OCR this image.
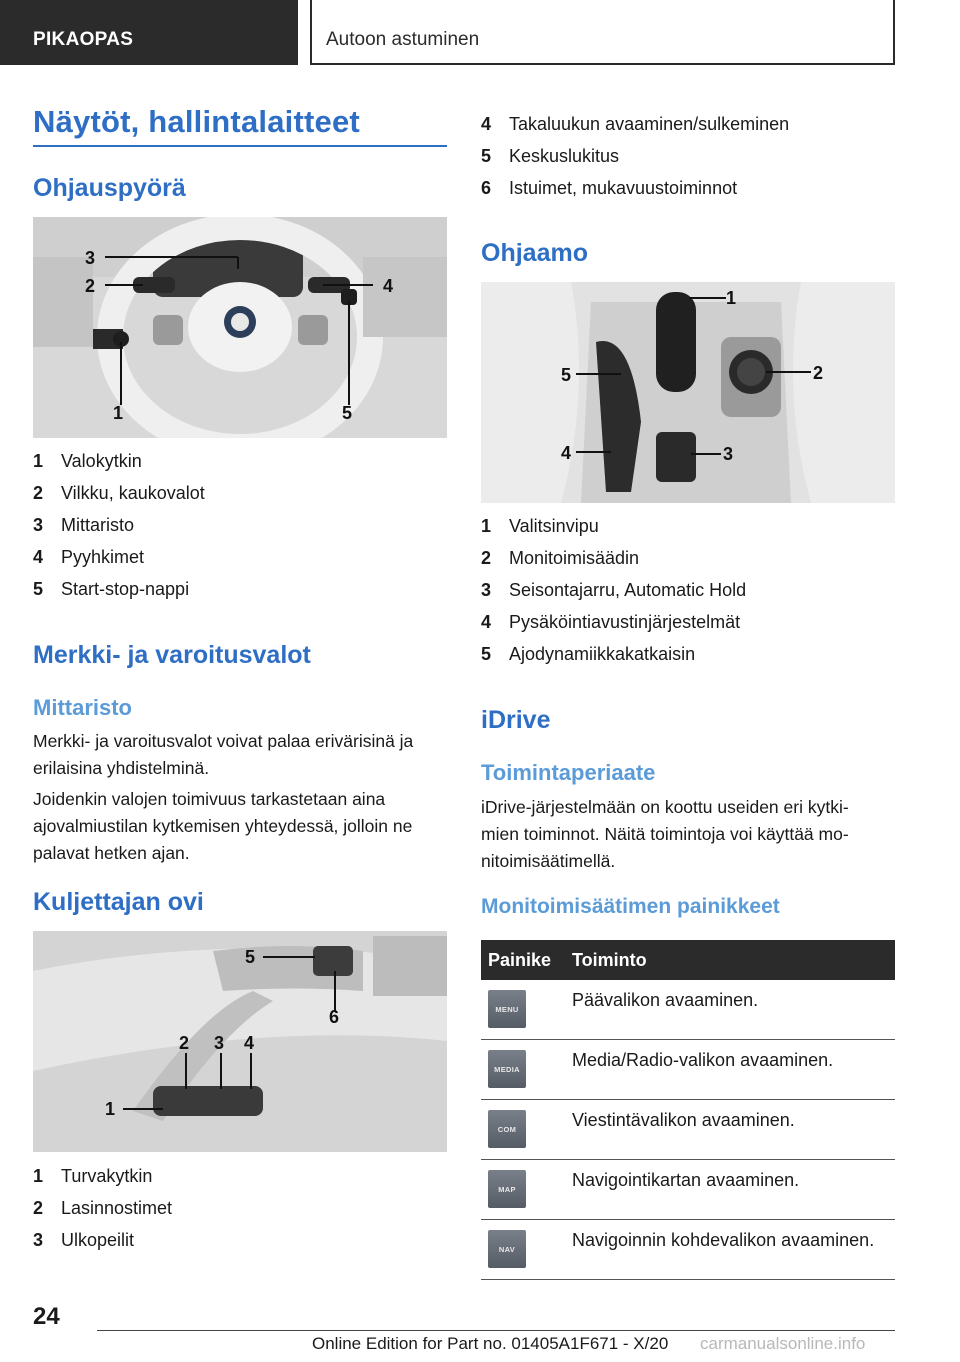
PIKAOPAS	Autoon astuminen
Näytöt, hallintalaitteet
Ohjauspyörä
3
2	4
1	5
1 Valokytkin
2 Vilkku, kaukovalot
3 Mittaristo
4 Pyyhkimet
5 Start-stop-nappi
Merkki- ja varoitusvalot
Mittaristo
Merkki- ja varoitusvalot voivat palaa erivärisinä ja erilaisina yhdistelminä.
Joidenkin valojen toimivuus tarkastetaan aina ajovalmiustilan kytkemisen yhteydessä, jolloin ne palavat hetken ajan.
Kuljettajan ovi
5
6
2 3 4
1
1 Turvakytkin
2 Lasinnostimet
3 Ulkopeilit
4 Takaluukun avaaminen/sulkeminen
5 Keskuslukitus
6 Istuimet, mukavuustoiminnot
Ohjaamo
1
2
3
5
4
1 Valitsinvipu
2 Monitoimisäädin
3 Seisontajarru, Automatic Hold
4 Pysäköintiavustinjärjestelmät
5 Ajodynamiikkakatkaisin
iDrive
Toimintaperiaate
iDrive-järjestelmään on koottu useiden eri kytki-
mien toiminnot. Näitä toimintoja voi käyttää mo-
nitoimisäätimellä.
Monitoimisäätimen painikkeet
Painike Toiminto
MENU	Päävalikon avaaminen.
MEDIA	Media/Radio-valikon avaaminen.
COM	Viestintävalikon avaaminen.
MAP	Navigointikartan avaaminen.
NAV	Navigoinnin kohdevalikon avaaminen.
24
Online Edition for Part no. 01405A1F671 - X/20 carmanualsonline.info
